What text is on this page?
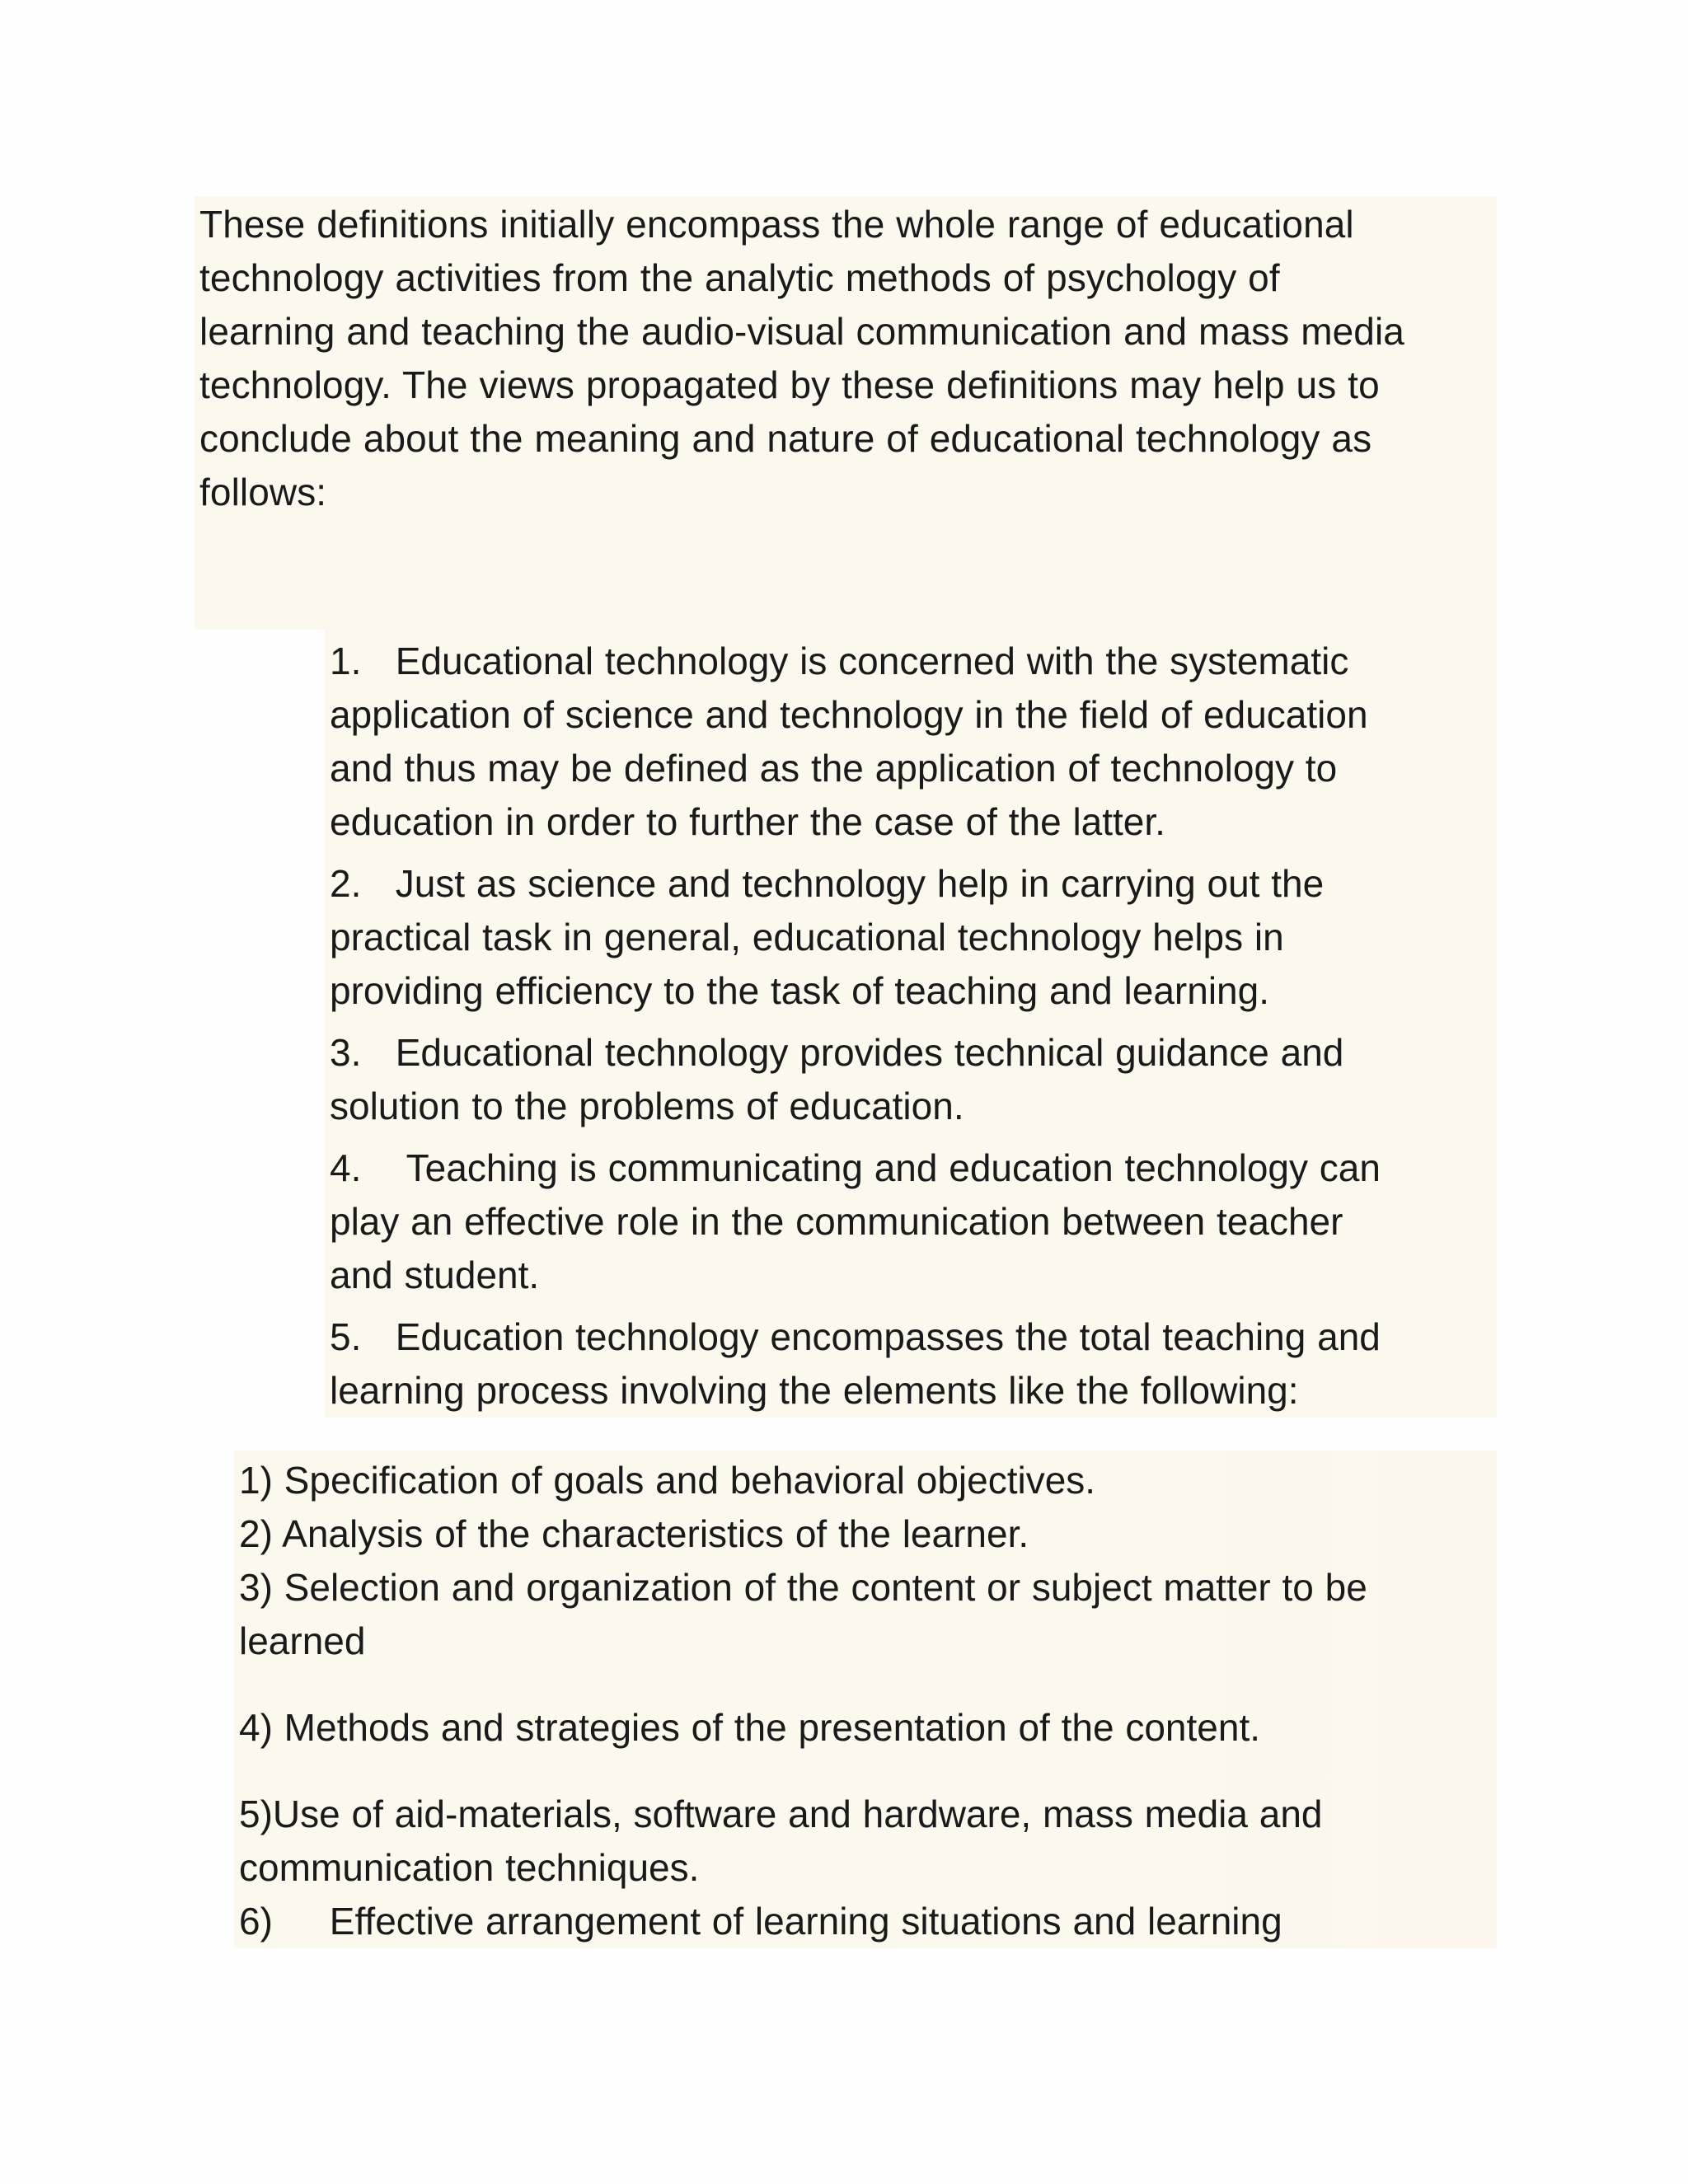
These definitions initially encompass the whole range of educational
technology activities from the analytic methods of psychology of
learning and teaching the audio-visual communication and mass media
technology. The views propagated by these definitions may help us to
conclude about the meaning and nature of educational technology as
follows:

1.   Educational technology is concerned with the systematic
application of science and technology in the field of education
and thus may be defined as the application of technology to
education in order to further the case of the latter.

2.   Just as science and technology help in carrying out the
practical task in general, educational technology helps in
providing efficiency to the task of teaching and learning.

3.   Educational technology provides technical guidance and
solution to the problems of education.

4.    Teaching is communicating and education technology can
play an effective role in the communication between teacher
and student.

5.   Education technology encompasses the total teaching and
learning process involving the elements like the following:

1) Specification of goals and behavioral objectives.

2) Analysis of the characteristics of the learner.

3) Selection and organization of the content or subject matter to be
learned

4) Methods and strategies of the presentation of the content.

5)Use of aid-materials, software and hardware, mass media and
communication techniques.

6)     Effective arrangement of learning situations and learning
